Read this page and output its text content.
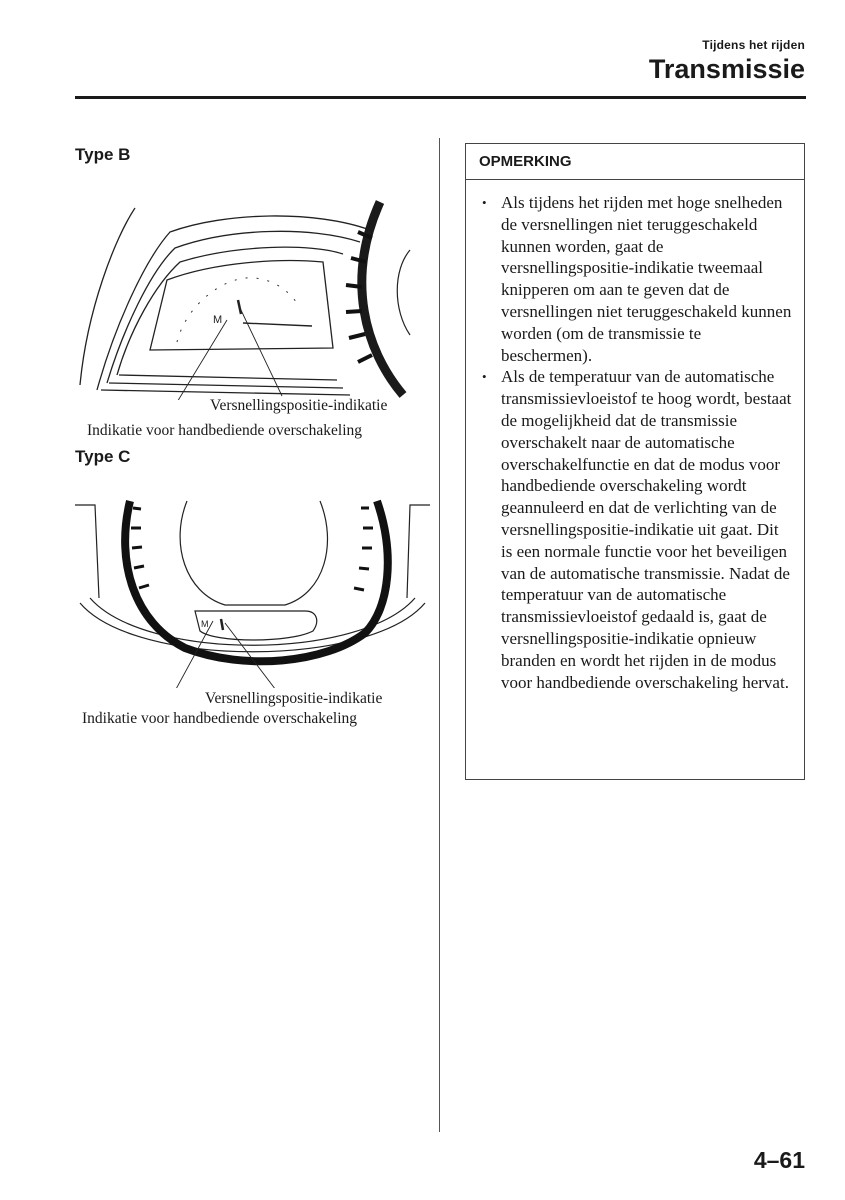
Tijdens het rijden
Transmissie
Type B
M
Versnellingspositie-indikatie
Indikatie voor handbediende overschakeling
Type C
M
Versnellingspositie-indikatie
Indikatie voor handbediende overschakeling
OPMERKING
• Als tijdens het rijden met hoge snelheden de versnellingen niet teruggeschakeld kunnen worden, gaat de versnellingspositie-indikatie tweemaal knipperen om aan te geven dat de versnellingen niet teruggeschakeld kunnen worden (om de transmissie te beschermen).
• Als de temperatuur van de automatische transmissievloeistof te hoog wordt, bestaat de mogelijkheid dat de transmissie overschakelt naar de automatische overschakelfunctie en dat de modus voor handbediende overschakeling wordt geannuleerd en dat de verlichting van de versnellingspositie-indikatie uit gaat. Dit is een normale functie voor het beveiligen van de automatische transmissie. Nadat de temperatuur van de automatische transmissievloeistof gedaald is, gaat de versnellingspositie-indikatie opnieuw branden en wordt het rijden in de modus voor handbediende overschakeling hervat.
4–61
